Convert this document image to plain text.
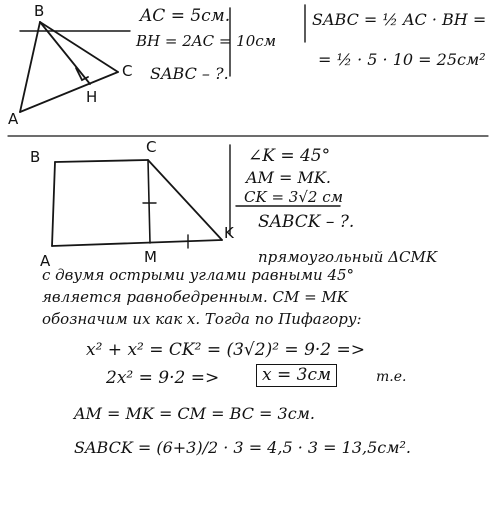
B
A
H
C
AC = 5см.
BH = 2AC = 10см
SABC – ?.
SABC = ½ AC · BH =
= ½ · 5 · 10 = 25см²
B
C
A	M
K
∠K = 45°
AM = MK.
CK = 3√2 см
SABCK – ?.
прямоугольный ΔCMK
с двумя острыми углами равными 45°
является равнобедренным. CM = MK
обозначим их как x. Тогда по Пифагору:
x² + x² = CK² = (3√2)² = 9·2 =>
2x² = 9·2 =>	x = 3см	т.е.
AM = MK = CM = BC = 3см.
SABCK = (6+3)/2 · 3 = 4,5 · 3 = 13,5см².
